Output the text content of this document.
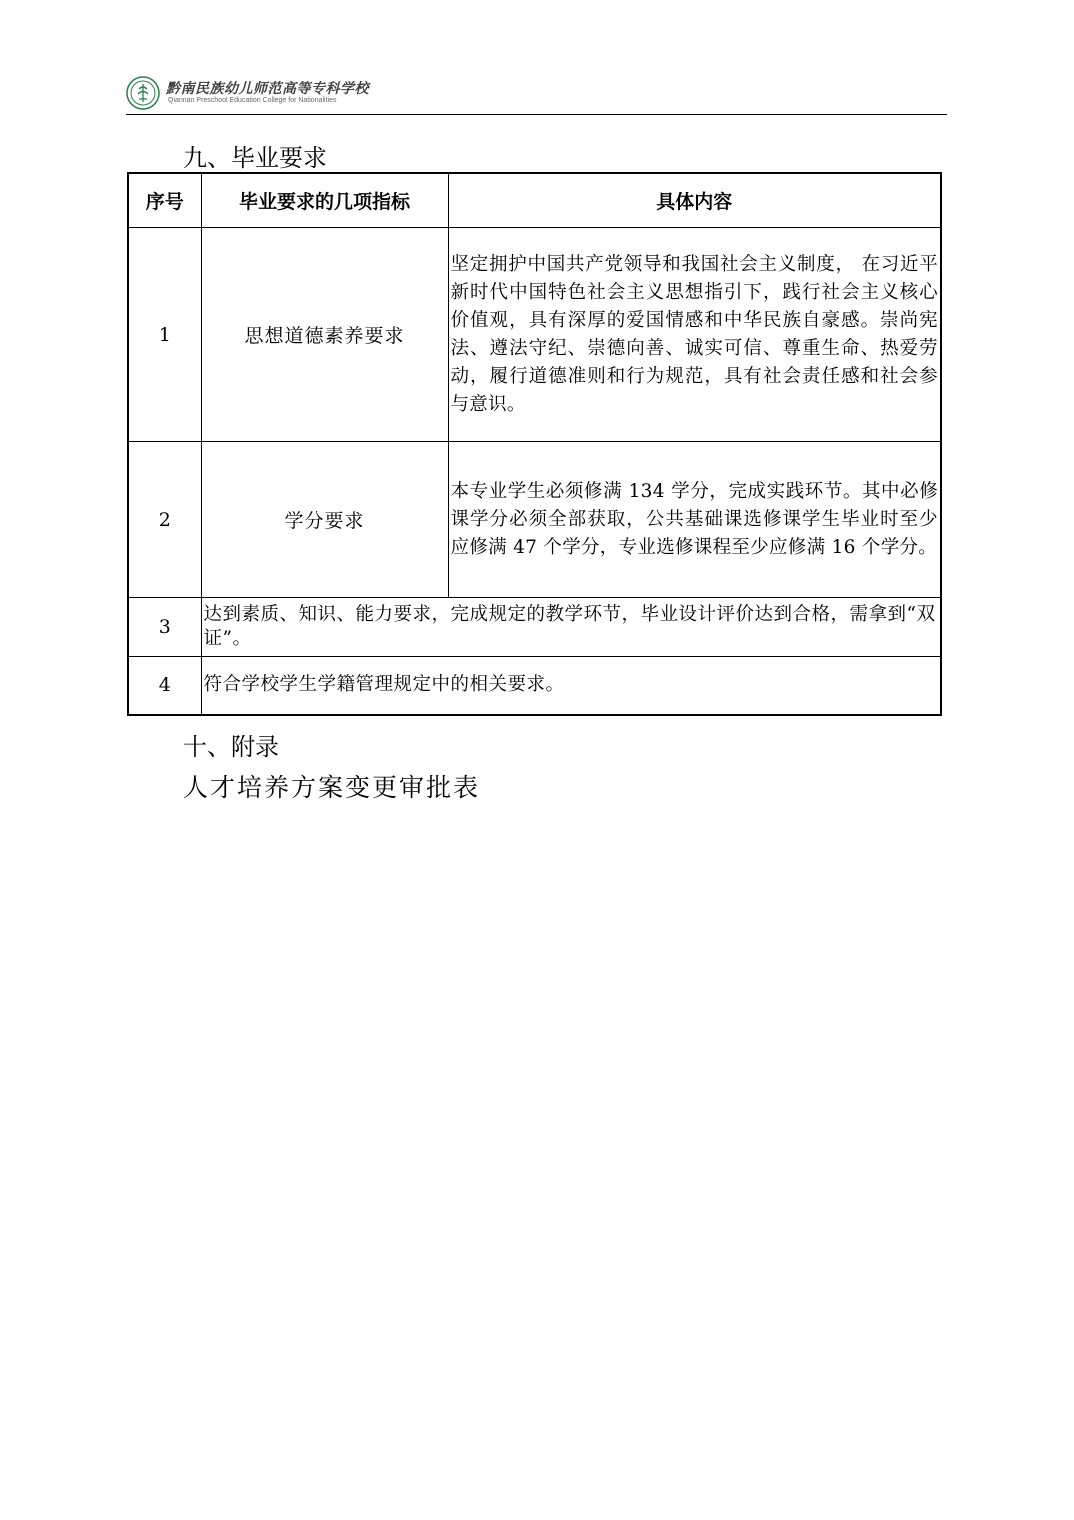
黔南民族幼儿师范高等专科学校
Qiannan Preschool Education College for Nationalities
九、毕业要求
序号	毕业要求的几项指标	具体内容
1	思想道德素养要求	坚定拥护中国共产党领导和我国社会主义制度， 在习近平新时代中国特色社会主义思想指引下，践行社会主义核心价值观，具有深厚的爱国情感和中华民族自豪感。崇尚宪法、遵法守纪、崇德向善、诚实可信、尊重生命、热爱劳动，履行道德准则和行为规范，具有社会责任感和社会参与意识。
2	学分要求	本专业学生必须修满 134 学分，完成实践环节。其中必修课学分必须全部获取，公共基础课选修课学生毕业时至少应修满 47 个学分，专业选修课程至少应修满 16 个学分。
3	达到素质、知识、能力要求，完成规定的教学环节，毕业设计评价达到合格，需拿到“双证”。	
4	符合学校学生学籍管理规定中的相关要求。	
十、附录
人才培养方案变更审批表
